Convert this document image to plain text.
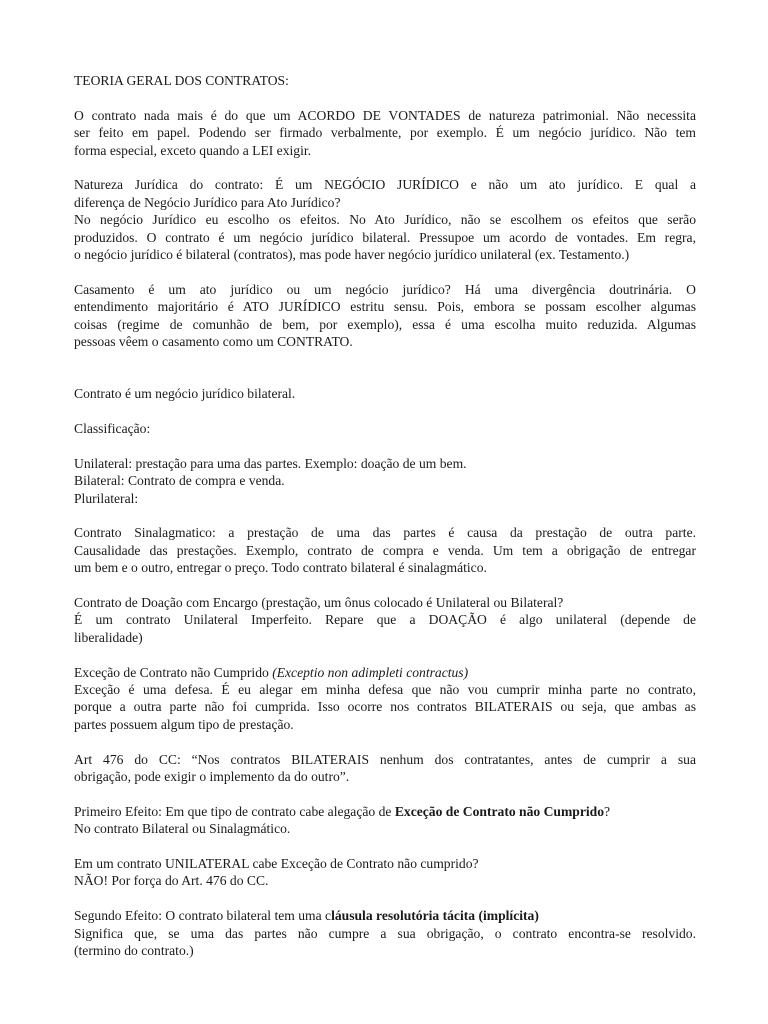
TEORIA GERAL DOS CONTRATOS:
O contrato nada mais é do que um ACORDO DE VONTADES de natureza patrimonial. Não necessita
ser feito em papel. Podendo ser firmado verbalmente, por exemplo. É um negócio jurídico. Não tem
forma especial, exceto quando a LEI exigir.
Natureza Jurídica do contrato: É um NEGÓCIO JURÍDICO e não um ato jurídico. E qual a
diferença de Negócio Jurídico para Ato Jurídico?
No negócio Jurídico eu escolho os efeitos. No Ato Jurídico, não se escolhem os efeitos que serão
produzidos. O contrato é um negócio jurídico bilateral. Pressupoe um acordo de vontades. Em regra,
o negócio jurídico é bilateral (contratos), mas pode haver negócio jurídico unilateral (ex. Testamento.)
Casamento é um ato jurídico ou um negócio jurídico? Há uma divergência doutrinária. O
entendimento majoritário é ATO JURÍDICO estritu sensu. Pois, embora se possam escolher algumas
coisas (regime de comunhão de bem, por exemplo), essa é uma escolha muito reduzida. Algumas
pessoas vêem o casamento como um CONTRATO.
Contrato é um negócio jurídico bilateral.
Classificação:
Unilateral: prestação para uma das partes. Exemplo: doação de um bem.
Bilateral: Contrato de compra e venda.
Plurilateral:
Contrato Sinalagmatico: a prestação de uma das partes é causa da prestação de outra parte.
Causalidade das prestações. Exemplo, contrato de compra e venda. Um tem a obrigação de entregar
um bem e o outro, entregar o preço. Todo contrato bilateral é sinalagmático.
Contrato de Doação com Encargo (prestação, um ônus colocado é Unilateral ou Bilateral?
É um contrato Unilateral Imperfeito. Repare que a DOAÇÃO é algo unilateral (depende de
liberalidade)
Exceção de Contrato não Cumprido (Exceptio non adimpleti contractus)
Exceção é uma defesa. É eu alegar em minha defesa que não vou cumprir minha parte no contrato,
porque a outra parte não foi cumprida. Isso ocorre nos contratos BILATERAIS ou seja, que ambas as
partes possuem algum tipo de prestação.
Art 476 do CC: “Nos contratos BILATERAIS nenhum dos contratantes, antes de cumprir a sua
obrigação, pode exigir o implemento da do outro”.
Primeiro Efeito: Em que tipo de contrato cabe alegação de Exceção de Contrato não Cumprido?
No contrato Bilateral ou Sinalagmático.
Em um contrato UNILATERAL cabe Exceção de Contrato não cumprido?
NÃO! Por força do Art. 476 do CC.
Segundo Efeito: O contrato bilateral tem uma cláusula resolutória tácita (implícita)
Significa que, se uma das partes não cumpre a sua obrigação, o contrato encontra-se resolvido.
(termino do contrato.)
